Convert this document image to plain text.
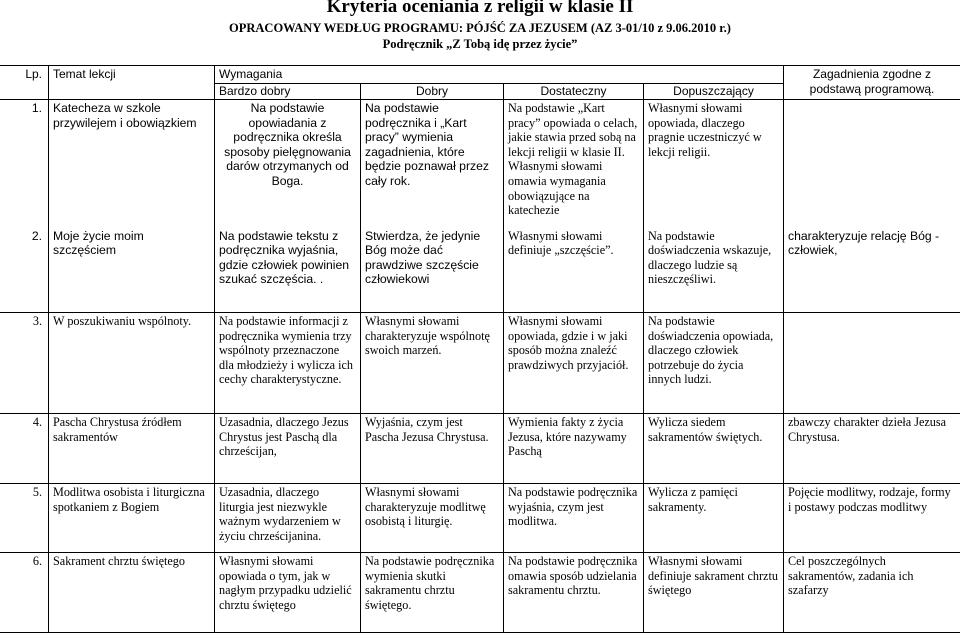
Kryteria oceniania z religii w klasie II
OPRACOWANY WEDŁUG PROGRAMU: PÓJŚĆ ZA JEZUSEM (AZ 3-01/10 z 9.06.2010 r.)
Podręcznik „Z Tobą idę przez życie”
Lp.	Temat lekcji	Wymagania				Zagadnienia zgodne z podstawą programową.
		Bardzo dobry	Dobry	Dostateczny	Dopuszczający	
1.	Katecheza w szkole przywilejem i obowiązkiem	Na podstawie opowiadania z podręcznika określa sposoby pielęgnowania darów otrzymanych od Boga.	Na podstawie podręcznika i „Kart pracy” wymienia zagadnienia, które będzie poznawał przez cały rok.	Na podstawie „Kart pracy” opowiada o celach, jakie stawia przed sobą na lekcji religii w klasie II. Własnymi słowami omawia wymagania obowiązujące na katechezie	Własnymi słowami opowiada, dlaczego pragnie uczestniczyć w lekcji religii.	
2.	Moje życie moim szczęściem	Na podstawie tekstu z podręcznika wyjaśnia, gdzie człowiek powinien szukać szczęścia. .	Stwierdza, że jedynie Bóg może dać prawdziwe szczęście człowiekowi	Własnymi słowami definiuje „szczęście”.	Na podstawie doświadczenia wskazuje, dlaczego ludzie są nieszczęśliwi.	charakteryzuje relację Bóg - człowiek,
3.	W poszukiwaniu wspólnoty.	Na podstawie informacji z podręcznika wymienia trzy wspólnoty przeznaczone dla młodzieży i wylicza ich cechy charakterystyczne.	Własnymi słowami charakteryzuje wspólnotę swoich marzeń.	Własnymi słowami opowiada, gdzie i w jaki sposób można znaleźć prawdziwych przyjaciół.	Na podstawie doświadczenia opowiada, dlaczego człowiek potrzebuje do życia innych ludzi.	
4.	Pascha Chrystusa źródłem sakramentów	Uzasadnia, dlaczego Jezus Chrystus jest Paschą dla chrześcijan,	Wyjaśnia, czym jest Pascha Jezusa Chrystusa.	Wymienia fakty z życia Jezusa, które nazywamy Paschą	Wylicza siedem sakramentów świętych.	zbawczy charakter dzieła Jezusa Chrystusa.
5.	Modlitwa osobista i liturgiczna spotkaniem z Bogiem	Uzasadnia, dlaczego liturgia jest niezwykle ważnym wydarzeniem w życiu chrześcijanina.	Własnymi słowami charakteryzuje modlitwę osobistą i liturgię.	Na podstawie podręcznika wyjaśnia, czym jest modlitwa.	Wylicza z pamięci sakramenty.	Pojęcie modlitwy, rodzaje, formy i postawy podczas modlitwy
6.	Sakrament chrztu świętego	Własnymi słowami opowiada o tym, jak w nagłym przypadku udzielić chrztu świętego	Na podstawie podręcznika wymienia skutki sakramentu chrztu świętego.	Na podstawie podręcznika omawia sposób udzielania sakramentu chrztu.	Własnymi słowami definiuje sakrament chrztu świętego	Cel poszczególnych sakramentów, zadania ich szafarzy
